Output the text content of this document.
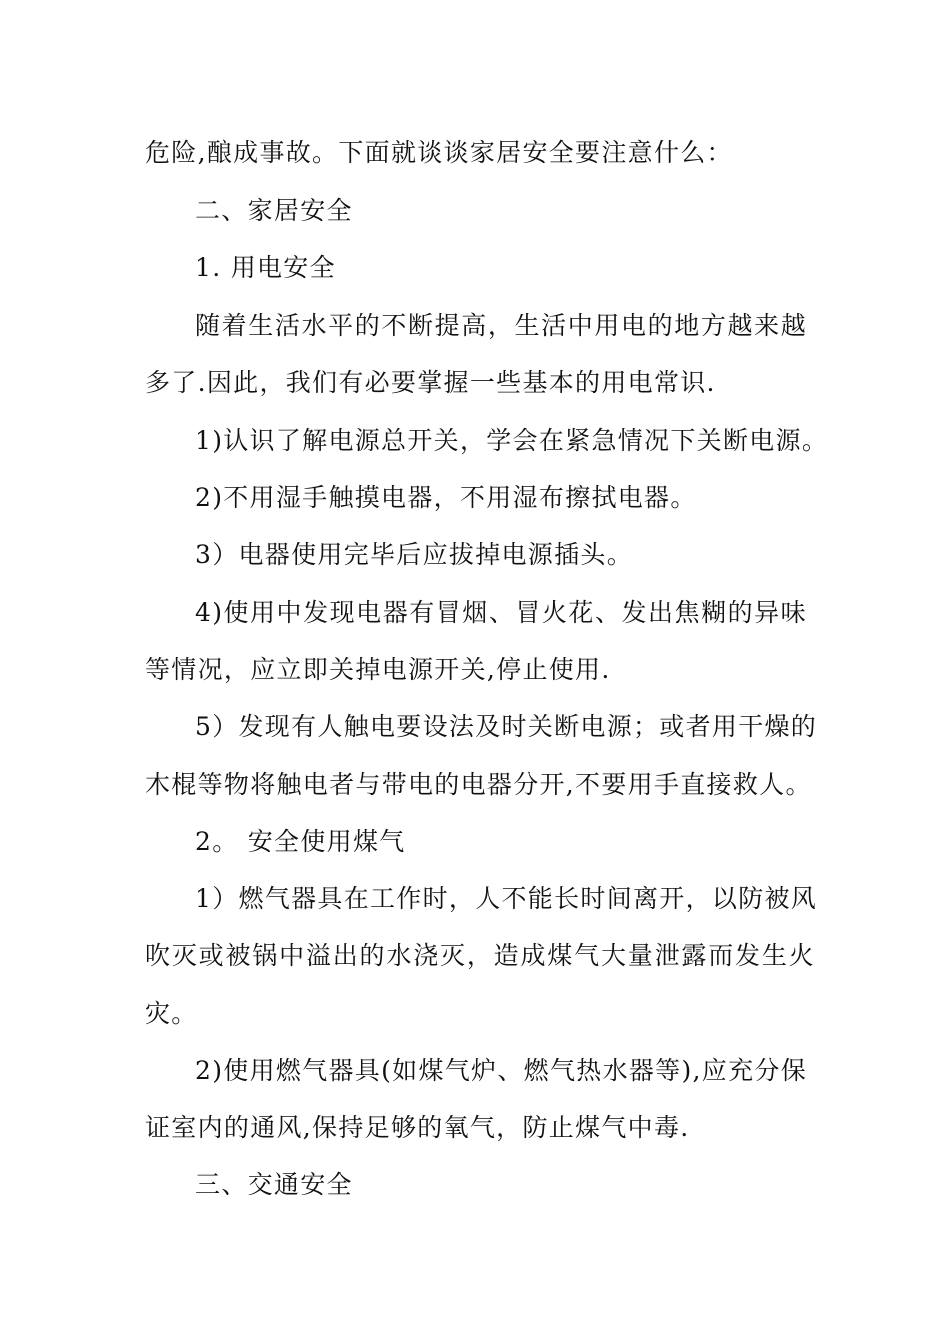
危险,酿成事故。下面就谈谈家居安全要注意什么：
二、家居安全
1. 用电安全
随着生活水平的不断提高，生活中用电的地方越来越
多了.因此，我们有必要掌握一些基本的用电常识.
1)认识了解电源总开关，学会在紧急情况下关断电源。
2)不用湿手触摸电器，不用湿布擦拭电器。
3）电器使用完毕后应拔掉电源插头。
4)使用中发现电器有冒烟、冒火花、发出焦糊的异味
等情况，应立即关掉电源开关,停止使用.
5）发现有人触电要设法及时关断电源；或者用干燥的
木棍等物将触电者与带电的电器分开,不要用手直接救人。
2。 安全使用煤气
1）燃气器具在工作时，人不能长时间离开，以防被风
吹灭或被锅中溢出的水浇灭，造成煤气大量泄露而发生火
灾。
2)使用燃气器具(如煤气炉、燃气热水器等),应充分保
证室内的通风,保持足够的氧气，防止煤气中毒.
三、交通安全
